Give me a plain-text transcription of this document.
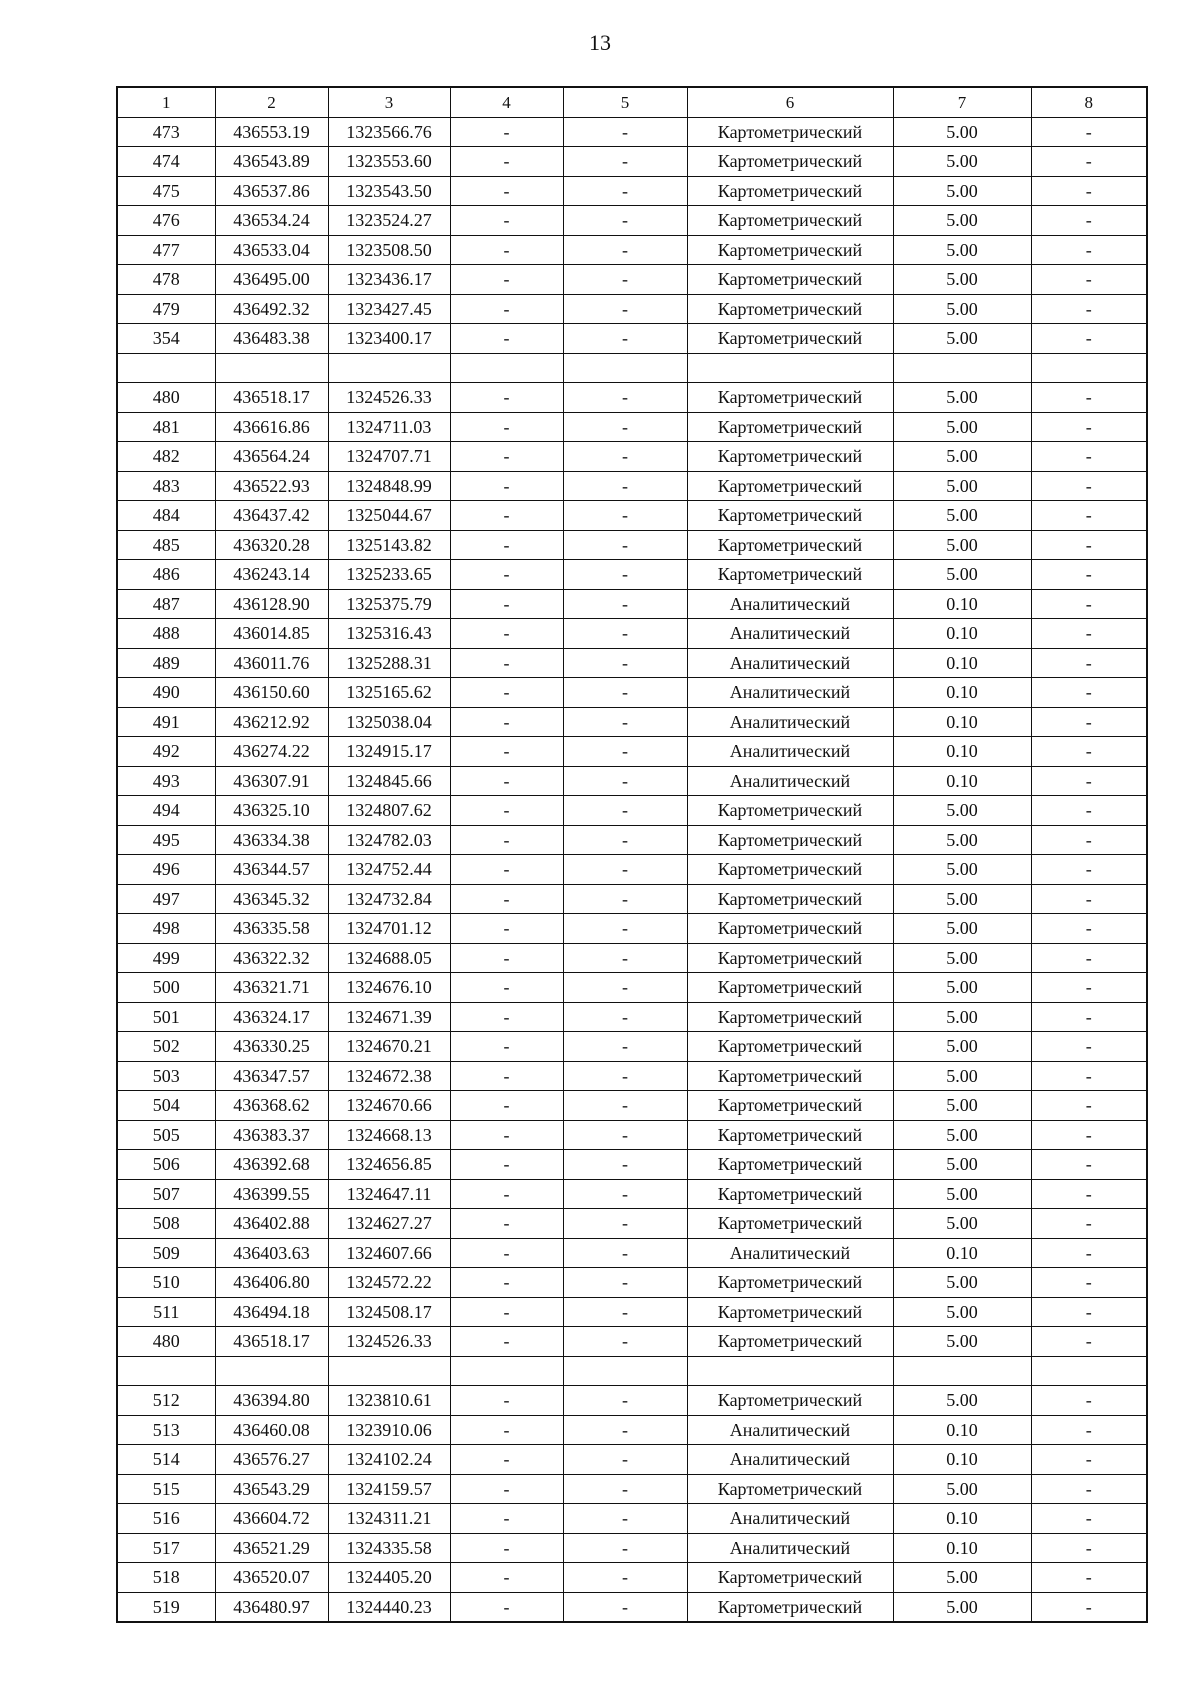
13
1	2	3	4	5	6	7	8
473	436553.19	1323566.76	-	-	Картометрический	5.00	-
474	436543.89	1323553.60	-	-	Картометрический	5.00	-
475	436537.86	1323543.50	-	-	Картометрический	5.00	-
476	436534.24	1323524.27	-	-	Картометрический	5.00	-
477	436533.04	1323508.50	-	-	Картометрический	5.00	-
478	436495.00	1323436.17	-	-	Картометрический	5.00	-
479	436492.32	1323427.45	-	-	Картометрический	5.00	-
354	436483.38	1323400.17	-	-	Картометрический	5.00	-

480	436518.17	1324526.33	-	-	Картометрический	5.00	-
481	436616.86	1324711.03	-	-	Картометрический	5.00	-
482	436564.24	1324707.71	-	-	Картометрический	5.00	-
483	436522.93	1324848.99	-	-	Картометрический	5.00	-
484	436437.42	1325044.67	-	-	Картометрический	5.00	-
485	436320.28	1325143.82	-	-	Картометрический	5.00	-
486	436243.14	1325233.65	-	-	Картометрический	5.00	-
487	436128.90	1325375.79	-	-	Аналитический	0.10	-
488	436014.85	1325316.43	-	-	Аналитический	0.10	-
489	436011.76	1325288.31	-	-	Аналитический	0.10	-
490	436150.60	1325165.62	-	-	Аналитический	0.10	-
491	436212.92	1325038.04	-	-	Аналитический	0.10	-
492	436274.22	1324915.17	-	-	Аналитический	0.10	-
493	436307.91	1324845.66	-	-	Аналитический	0.10	-
494	436325.10	1324807.62	-	-	Картометрический	5.00	-
495	436334.38	1324782.03	-	-	Картометрический	5.00	-
496	436344.57	1324752.44	-	-	Картометрический	5.00	-
497	436345.32	1324732.84	-	-	Картометрический	5.00	-
498	436335.58	1324701.12	-	-	Картометрический	5.00	-
499	436322.32	1324688.05	-	-	Картометрический	5.00	-
500	436321.71	1324676.10	-	-	Картометрический	5.00	-
501	436324.17	1324671.39	-	-	Картометрический	5.00	-
502	436330.25	1324670.21	-	-	Картометрический	5.00	-
503	436347.57	1324672.38	-	-	Картометрический	5.00	-
504	436368.62	1324670.66	-	-	Картометрический	5.00	-
505	436383.37	1324668.13	-	-	Картометрический	5.00	-
506	436392.68	1324656.85	-	-	Картометрический	5.00	-
507	436399.55	1324647.11	-	-	Картометрический	5.00	-
508	436402.88	1324627.27	-	-	Картометрический	5.00	-
509	436403.63	1324607.66	-	-	Аналитический	0.10	-
510	436406.80	1324572.22	-	-	Картометрический	5.00	-
511	436494.18	1324508.17	-	-	Картометрический	5.00	-
480	436518.17	1324526.33	-	-	Картометрический	5.00	-

512	436394.80	1323810.61	-	-	Картометрический	5.00	-
513	436460.08	1323910.06	-	-	Аналитический	0.10	-
514	436576.27	1324102.24	-	-	Аналитический	0.10	-
515	436543.29	1324159.57	-	-	Картометрический	5.00	-
516	436604.72	1324311.21	-	-	Аналитический	0.10	-
517	436521.29	1324335.58	-	-	Аналитический	0.10	-
518	436520.07	1324405.20	-	-	Картометрический	5.00	-
519	436480.97	1324440.23	-	-	Картометрический	5.00	-
